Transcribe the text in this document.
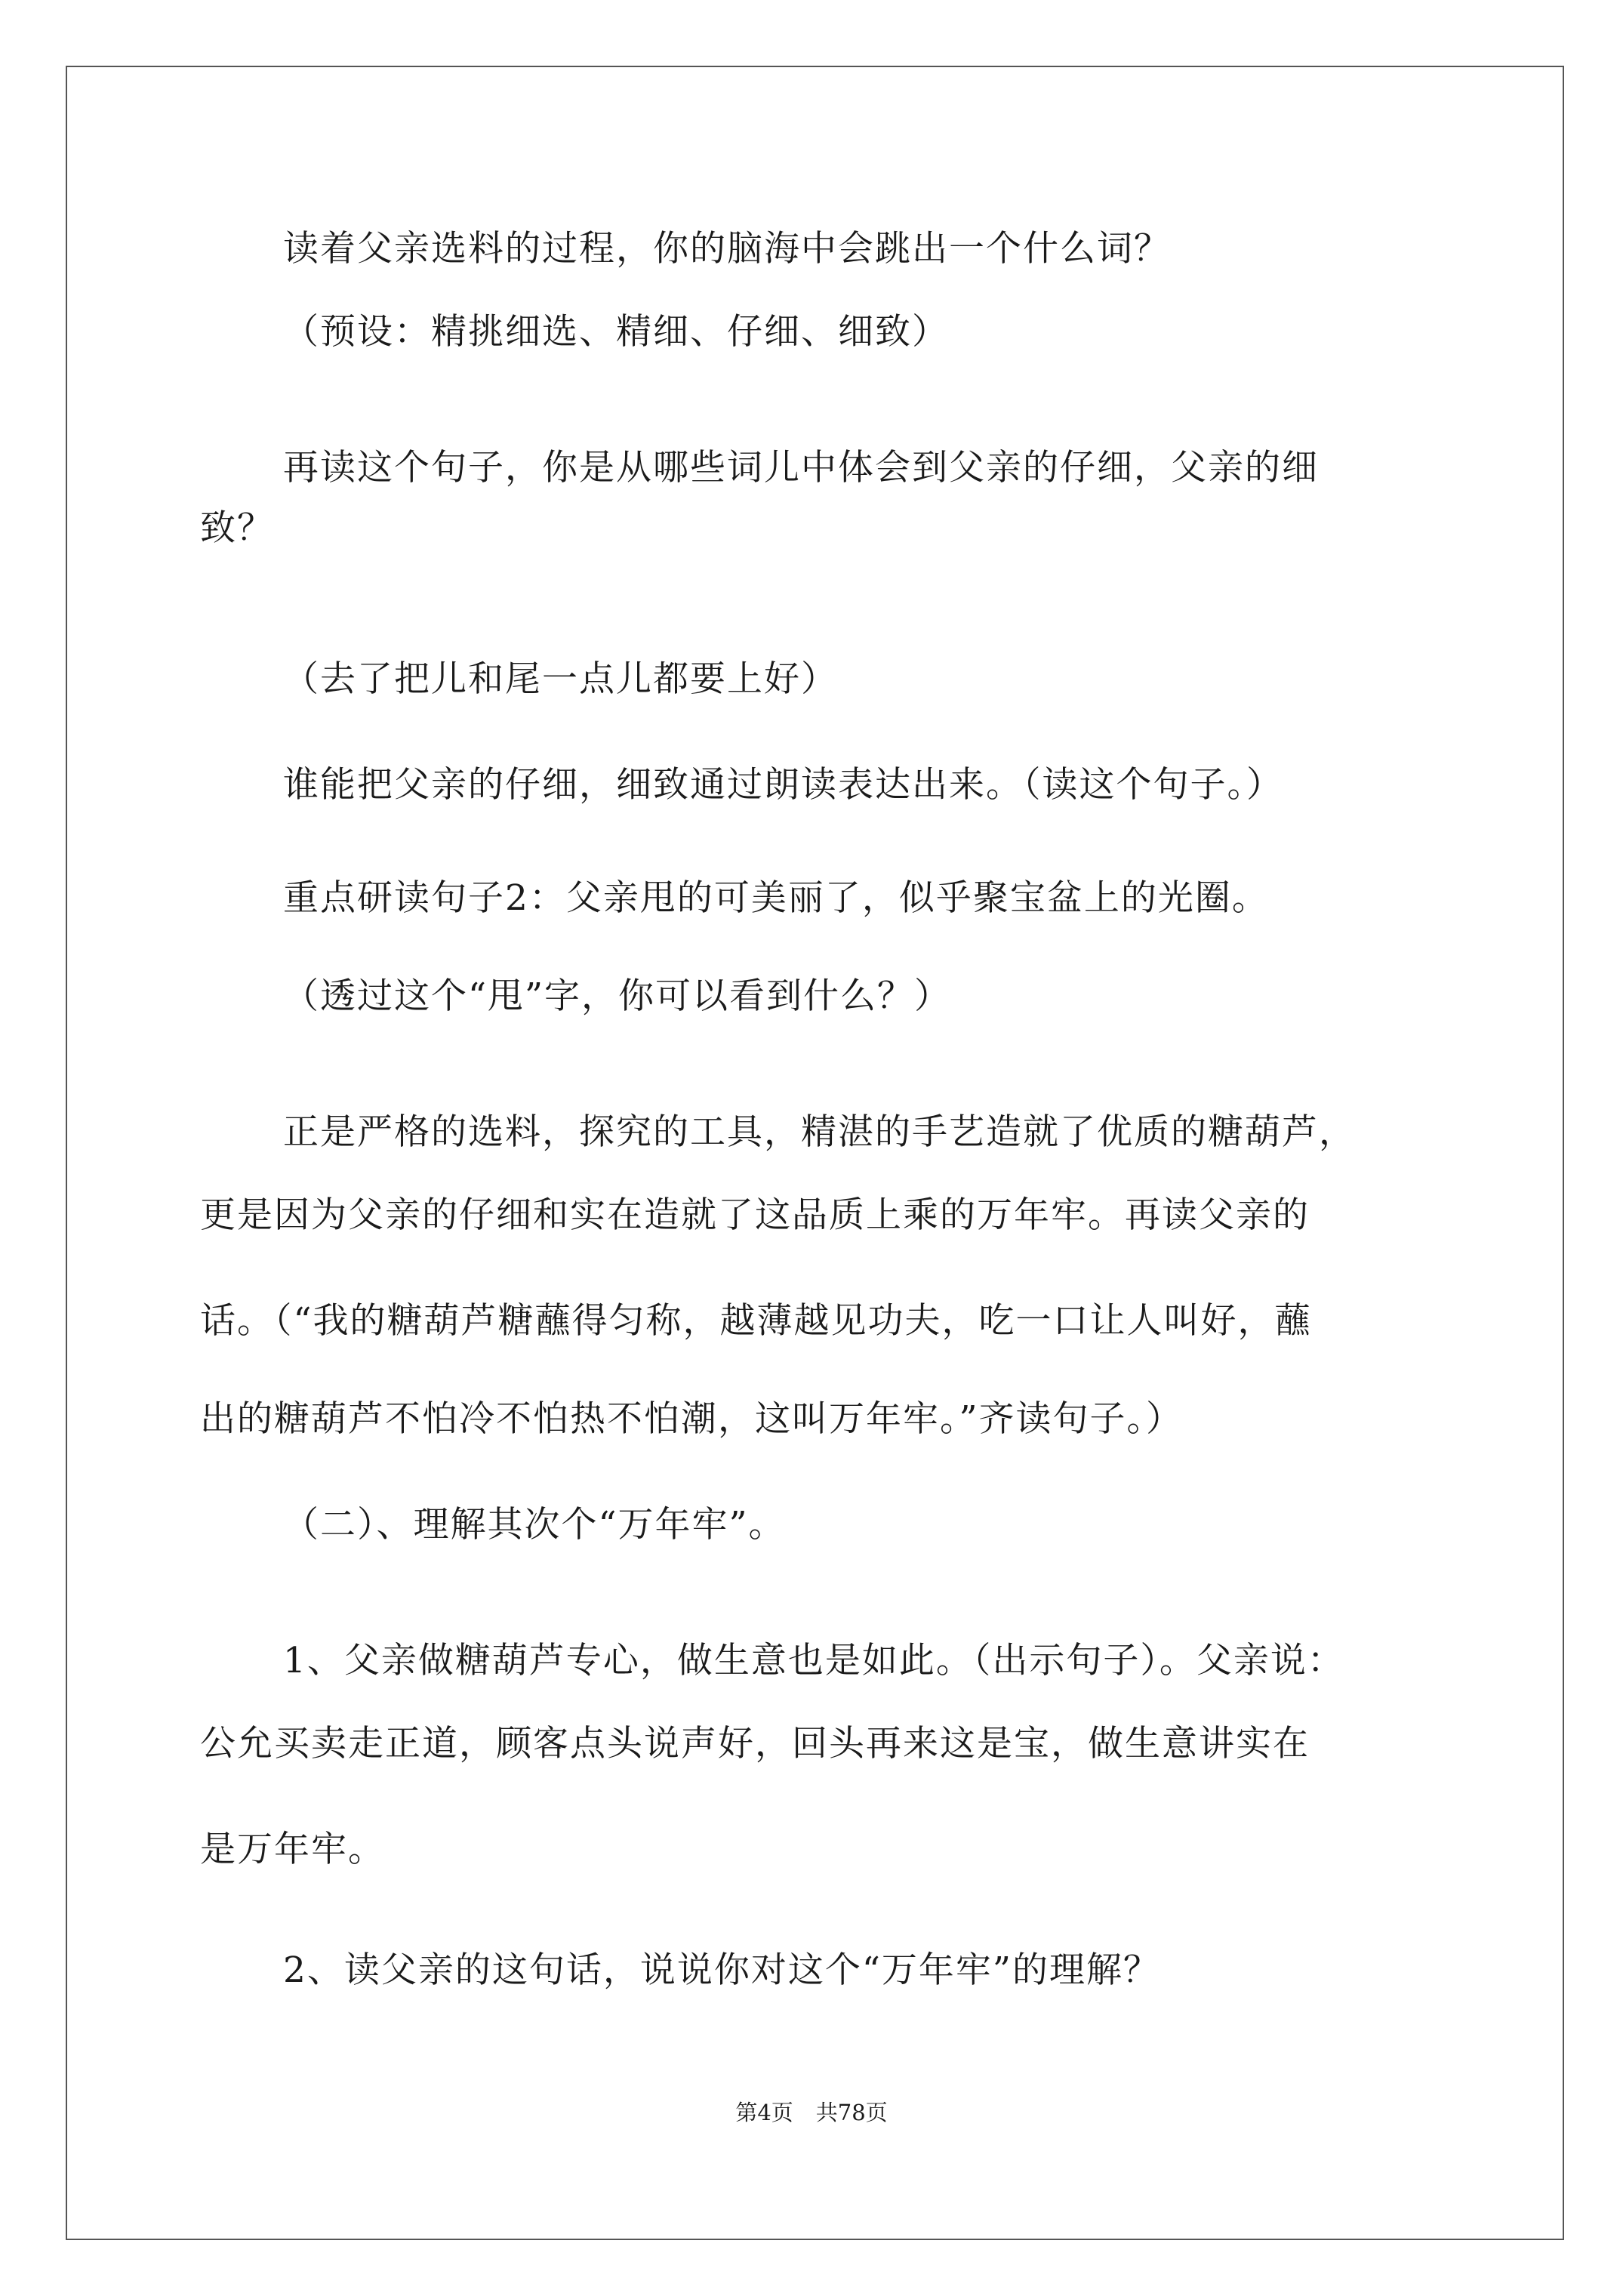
读着父亲选料的过程，你的脑海中会跳出一个什么词？

（预设：精挑细选、精细、仔细、细致）

再读这个句子，你是从哪些词儿中体会到父亲的仔细，父亲的细

致？

（去了把儿和尾一点儿都要上好）

谁能把父亲的仔细，细致通过朗读表达出来。（读这个句子。）

重点研读句子2：父亲甩的可美丽了，似乎聚宝盆上的光圈。

（透过这个“甩”字，你可以看到什么？）

正是严格的选料，探究的工具，精湛的手艺造就了优质的糖葫芦，

更是因为父亲的仔细和实在造就了这品质上乘的万年牢。再读父亲的

话。（“我的糖葫芦糖蘸得匀称，越薄越见功夫，吃一口让人叫好，蘸

出的糖葫芦不怕冷不怕热不怕潮，这叫万年牢。”齐读句子。）

（二）、理解其次个“万年牢”。

1、父亲做糖葫芦专心，做生意也是如此。（出示句子）。父亲说：

公允买卖走正道，顾客点头说声好，回头再来这是宝，做生意讲实在

是万年牢。

2、读父亲的这句话，说说你对这个“万年牢”的理解？

第4页 共78页
